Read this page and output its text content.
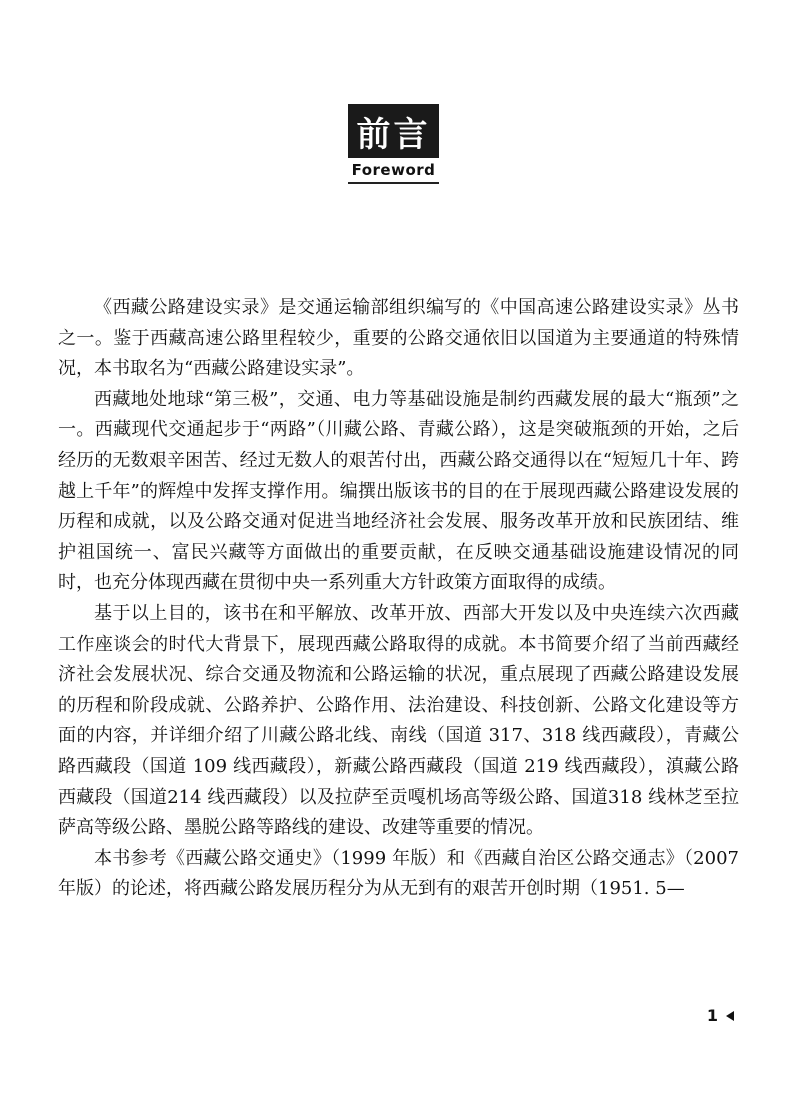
前言
Foreword

《西藏公路建设实录》是交通运输部组织编写的《中国高速公路建设实录》丛书之一。鉴于西藏高速公路里程较少，重要的公路交通依旧以国道为主要通道的特殊情况，本书取名为“西藏公路建设实录”。

西藏地处地球“第三极”，交通、电力等基础设施是制约西藏发展的最大“瓶颈”之一。西藏现代交通起步于“两路”（川藏公路、青藏公路），这是突破瓶颈的开始，之后经历的无数艰辛困苦、经过无数人的艰苦付出，西藏公路交通得以在“短短几十年、跨越上千年”的辉煌中发挥支撑作用。编撰出版该书的目的在于展现西藏公路建设发展的历程和成就，以及公路交通对促进当地经济社会发展、服务改革开放和民族团结、维护祖国统一、富民兴藏等方面做出的重要贡献，在反映交通基础设施建设情况的同时，也充分体现西藏在贯彻中央一系列重大方针政策方面取得的成绩。

基于以上目的，该书在和平解放、改革开放、西部大开发以及中央连续六次西藏工作座谈会的时代大背景下，展现西藏公路取得的成就。本书简要介绍了当前西藏经济社会发展状况、综合交通及物流和公路运输的状况，重点展现了西藏公路建设发展的历程和阶段成就、公路养护、公路作用、法治建设、科技创新、公路文化建设等方面的内容，并详细介绍了川藏公路北线、南线（国道 317、318 线西藏段），青藏公路西藏段（国道 109 线西藏段），新藏公路西藏段（国道 219 线西藏段），滇藏公路西藏段（国道214 线西藏段）以及拉萨至贡嘎机场高等级公路、国道318 线林芝至拉萨高等级公路、墨脱公路等路线的建设、改建等重要的情况。

本书参考《西藏公路交通史》（1999 年版）和《西藏自治区公路交通志》（2007 年版）的论述，将西藏公路发展历程分为从无到有的艰苦开创时期（1951. 5—

1
